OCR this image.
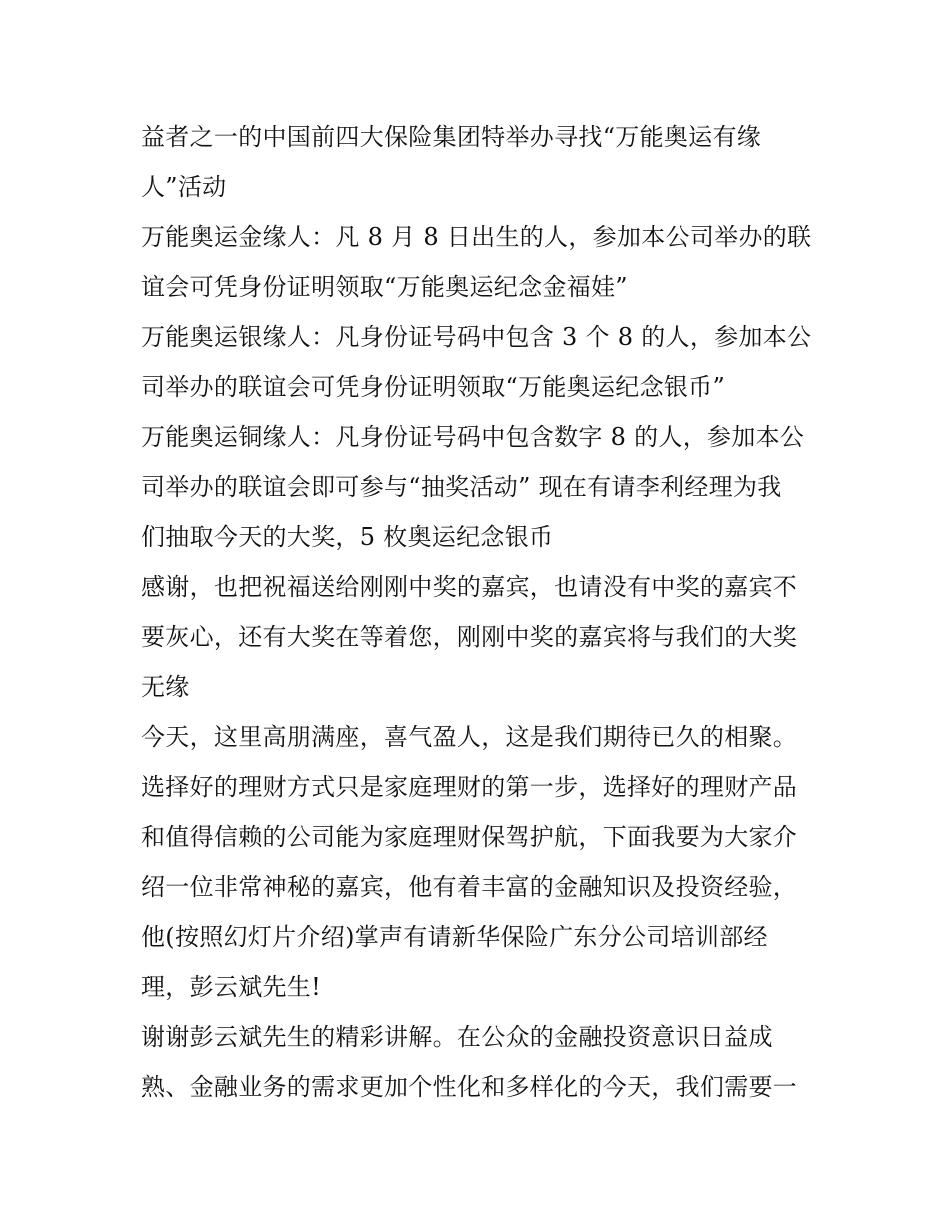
益者之一的中国前四大保险集团特举办寻找“万能奥运有缘
人”活动
万能奥运金缘人：凡 8 月 8 日出生的人，参加本公司举办的联
谊会可凭身份证明领取“万能奥运纪念金福娃”
万能奥运银缘人：凡身份证号码中包含 3 个 8 的人，参加本公
司举办的联谊会可凭身份证明领取“万能奥运纪念银币”
万能奥运铜缘人：凡身份证号码中包含数字 8 的人，参加本公
司举办的联谊会即可参与“抽奖活动” 现在有请李利经理为我
们抽取今天的大奖，5 枚奥运纪念银币
感谢，也把祝福送给刚刚中奖的嘉宾，也请没有中奖的嘉宾不
要灰心，还有大奖在等着您，刚刚中奖的嘉宾将与我们的大奖
无缘
今天，这里高朋满座，喜气盈人，这是我们期待已久的相聚。
选择好的理财方式只是家庭理财的第一步，选择好的理财产品
和值得信赖的公司能为家庭理财保驾护航，下面我要为大家介
绍一位非常神秘的嘉宾，他有着丰富的金融知识及投资经验，
他(按照幻灯片介绍)掌声有请新华保险广东分公司培训部经
理，彭云斌先生!
谢谢彭云斌先生的精彩讲解。在公众的金融投资意识日益成
熟、金融业务的需求更加个性化和多样化的今天，我们需要一
